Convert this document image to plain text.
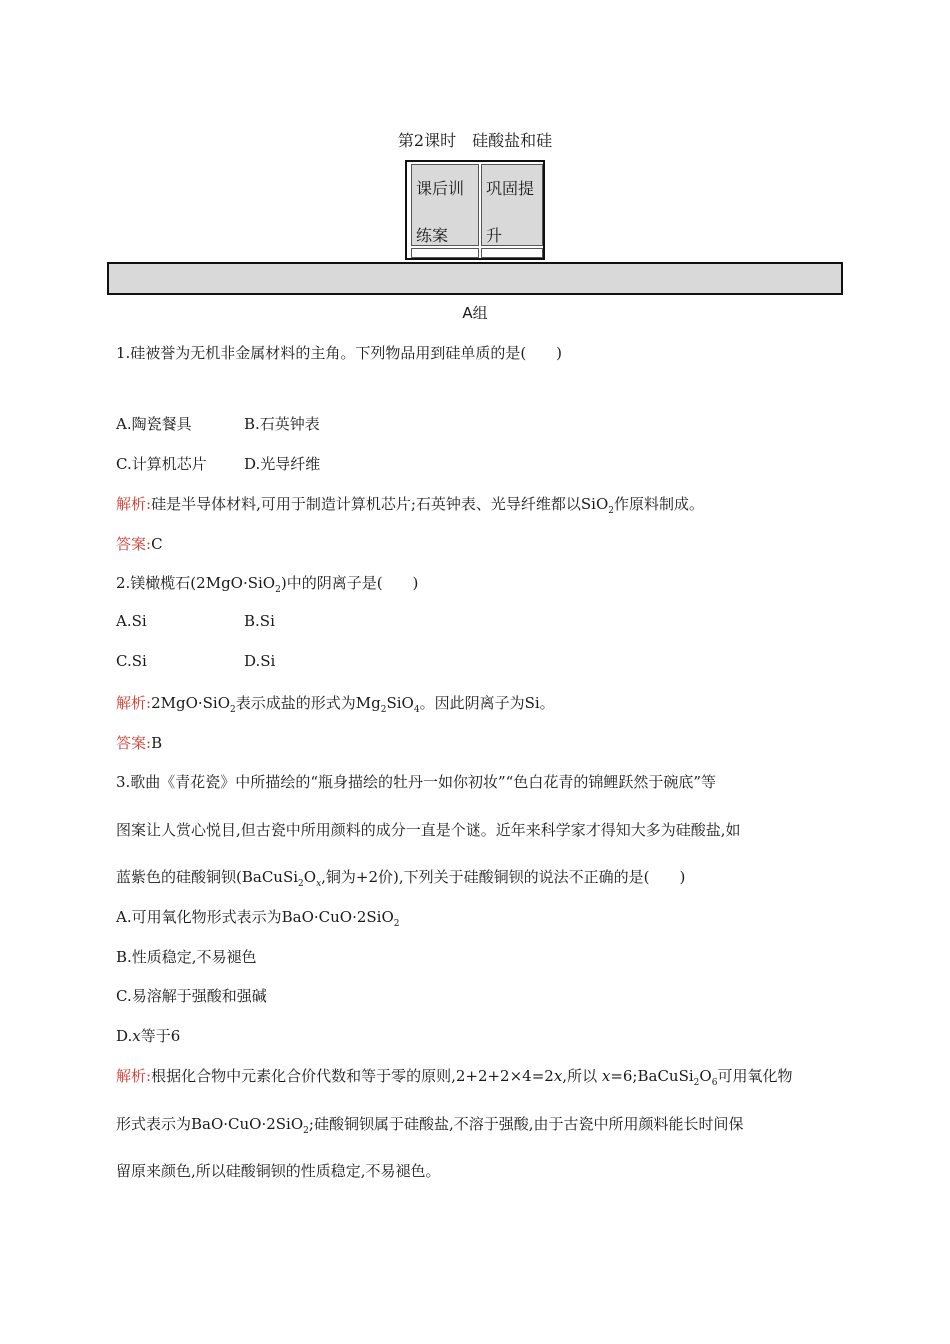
第2课时 硅酸盐和硅
课后训
练案
巩固提
升
A组
1.硅被誉为无机非金属材料的主角。下列物品用到硅单质的是(　　)
A.陶瓷餐具	B.石英钟表
C.计算机芯片 D.光导纤维
解析:硅是半导体材料,可用于制造计算机芯片;石英钟表、光导纤维都以SiO$_2$作原料制成。
答案:C
2.镁橄榄石(2MgO·SiO$_2$)中的阴离子是(　　)
A.Si	B.Si
C.Si	D.Si
解析:2MgO·SiO$_2$表示成盐的形式为$Mg_2SiO_4$。因此阴离子为Si。
答案:B
3.歌曲《青花瓷》中所描绘的“瓶身描绘的牡丹一如你初妆”“色白花青的锦鲤跃然于碗底”等
图案让人赏心悦目,但古瓷中所用颜料的成分一直是个谜。近年来科学家才得知大多为硅酸盐,如
蓝紫色的硅酸铜钡($BaCuSi_2O_x$,铜为+2价),下列关于硅酸铜钡的说法不正确的是(　　)
A.可用氧化物形式表示为BaO·CuO·2SiO$_2$
B.性质稳定,不易褪色
C.易溶解于强酸和强碱
D.x等于6
解析:根据化合物中元素化合价代数和等于零的原则,2+2+2×4=2x,所以 $x=6;BaCuSi_2O_6$可用氧化物
形式表示为BaO·CuO·2SiO$_2$;硅酸铜钡属于硅酸盐,不溶于强酸,由于古瓷中所用颜料能长时间保
留原来颜色,所以硅酸铜钡的性质稳定,不易褪色。
